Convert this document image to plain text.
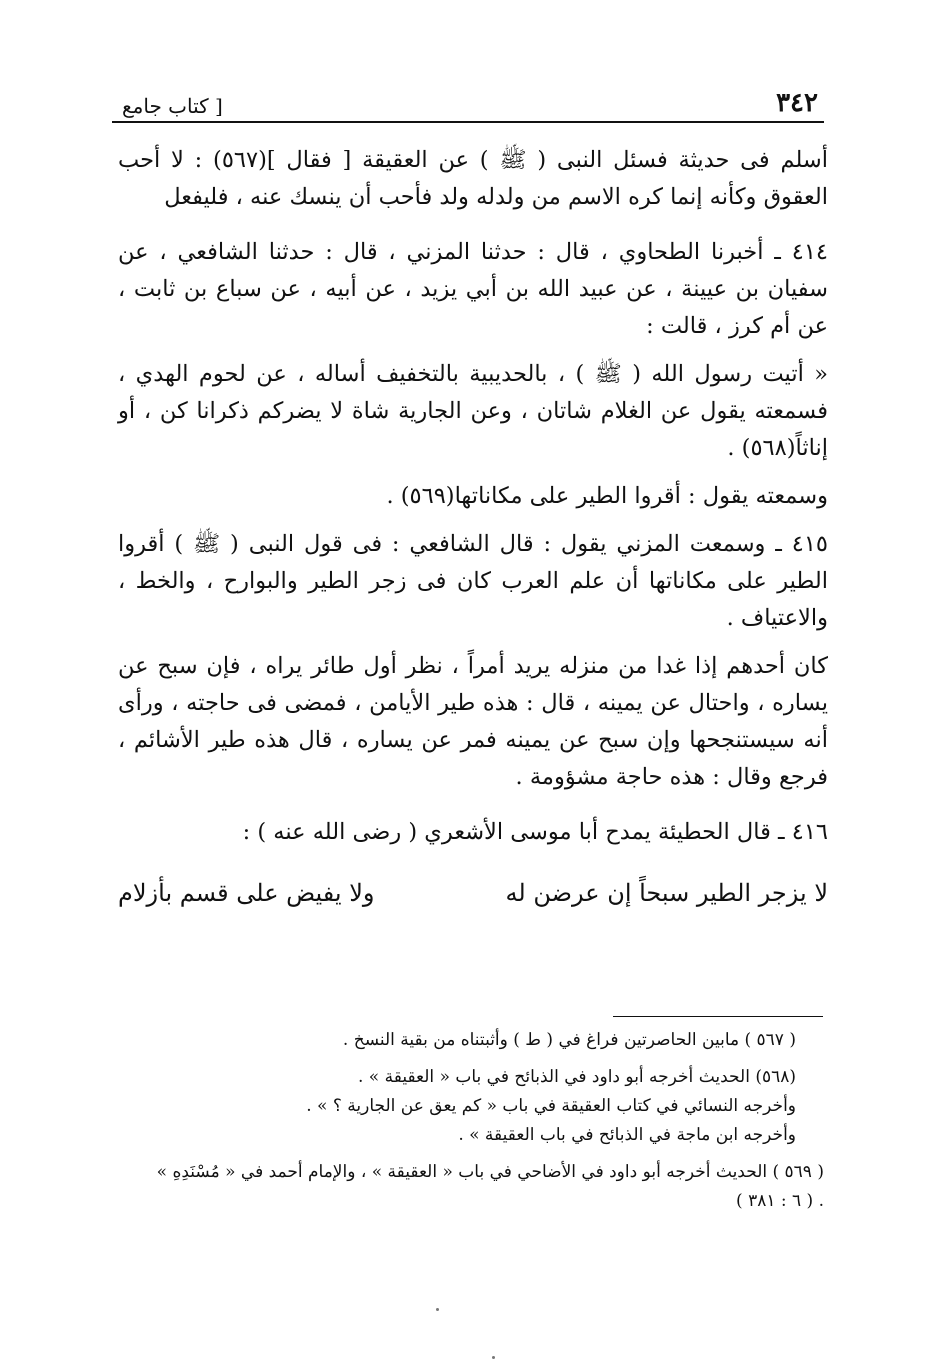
[ كتاب جامع	٣٤٢

أسلم فى حديثة فسئل النبى ( ﷺ ) عن العقيقة [ فقال ](٥٦٧) : لا أحب العقوق وكأنه إنما كره الاسم من ولدله ولد فأحب أن ينسك عنه ، فليفعل

٤١٤ ـ أخبرنا الطحاوي ، قال : حدثنا المزني ، قال : حدثنا الشافعي ، عن سفيان بن عيينة ، عن عبيد الله بن أبي يزيد ، عن أبيه ، عن سباع بن ثابت ، عن أم كرز ، قالت :

« أتيت رسول الله ( ﷺ ) ، بالحديبية بالتخفيف أساله ، عن لحوم الهدي ، فسمعته يقول عن الغلام شاتان ، وعن الجارية شاة لا يضركم ذكرانا كن ، أو إناثاً(٥٦٨) .

وسمعته يقول : أقروا الطير على مكاناتها(٥٦٩) .

٤١٥ ـ وسمعت المزني يقول : قال الشافعي : فى قول النبى ( ﷺ ) أقروا الطير على مكاناتها أن علم العرب كان فى زجر الطير والبوارح ، والخط ، والاعتياف .

كان أحدهم إذا غدا من منزله يريد أمراً ، نظر أول طائر يراه ، فإن سبح عن يساره ، واحتال عن يمينه ، قال : هذه طير الأيامن ، فمضى فى حاجته ، ورأى أنه سيستنجحها وإن سبح عن يمينه فمر عن يساره ، قال هذه طير الأشائم ، فرجع وقال : هذه حاجة مشؤومة .

٤١٦ ـ قال الحطيئة يمدح أبا موسى الأشعري ( رضى الله عنه ) :

لا يزجر الطير سبحاً إن عرضن له
ولا يفيض على قسم بأزلام

( ٥٦٧ ) مابين الحاصرتين فراغ في ( ط ) وأثبتناه من بقية النسخ .

(٥٦٨) الحديث أخرجه أبو داود في الذبائح في باب « العقيقة » .
وأخرجه النسائي في كتاب العقيقة في باب « كم يعق عن الجارية ؟ » .
وأخرجه ابن ماجة في الذبائح في باب العقيقة » .

( ٥٦٩ ) الحديث أخرجه أبو داود في الأضاحي في باب « العقيقة » ، والإمام أحمد في « مُسْنَدِهِ »
. ( ٦ : ٣٨١ )
